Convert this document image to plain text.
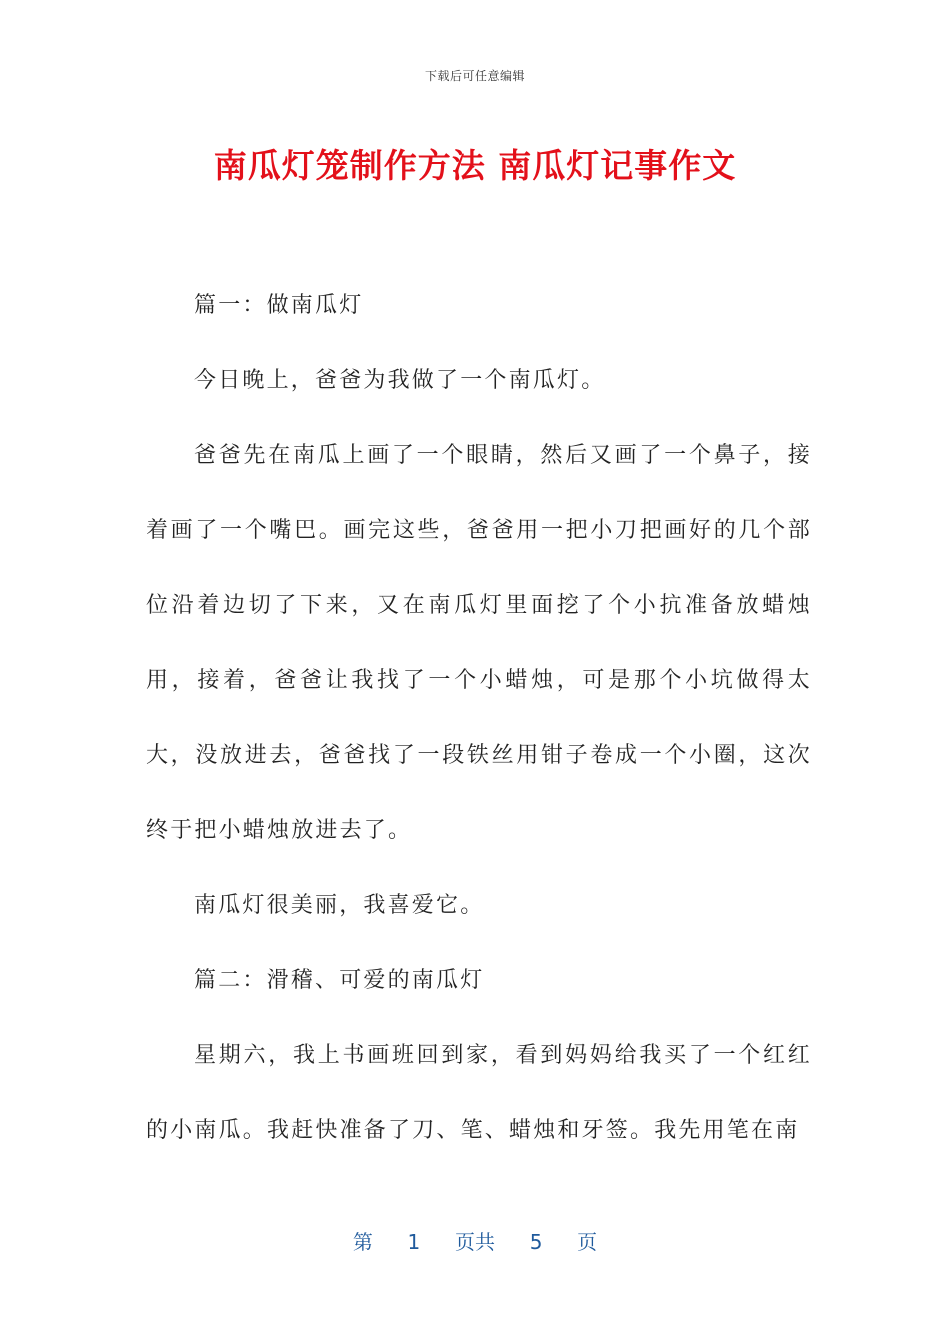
下载后可任意编辑
南瓜灯笼制作方法 南瓜灯记事作文

篇一：做南瓜灯

今日晚上，爸爸为我做了一个南瓜灯。

爸爸先在南瓜上画了一个眼睛，然后又画了一个鼻子，接着画了一个嘴巴。画完这些，爸爸用一把小刀把画好的几个部位沿着边切了下来，又在南瓜灯里面挖了个小抗准备放蜡烛用，接着，爸爸让我找了一个小蜡烛，可是那个小坑做得太大，没放进去，爸爸找了一段铁丝用钳子卷成一个小圈，这次终于把小蜡烛放进去了。

南瓜灯很美丽，我喜爱它。

篇二：滑稽、可爱的南瓜灯

星期六，我上书画班回到家，看到妈妈给我买了一个红红的小南瓜。我赶快准备了刀、笔、蜡烛和牙签。我先用笔在南

第 1 页共 5 页
